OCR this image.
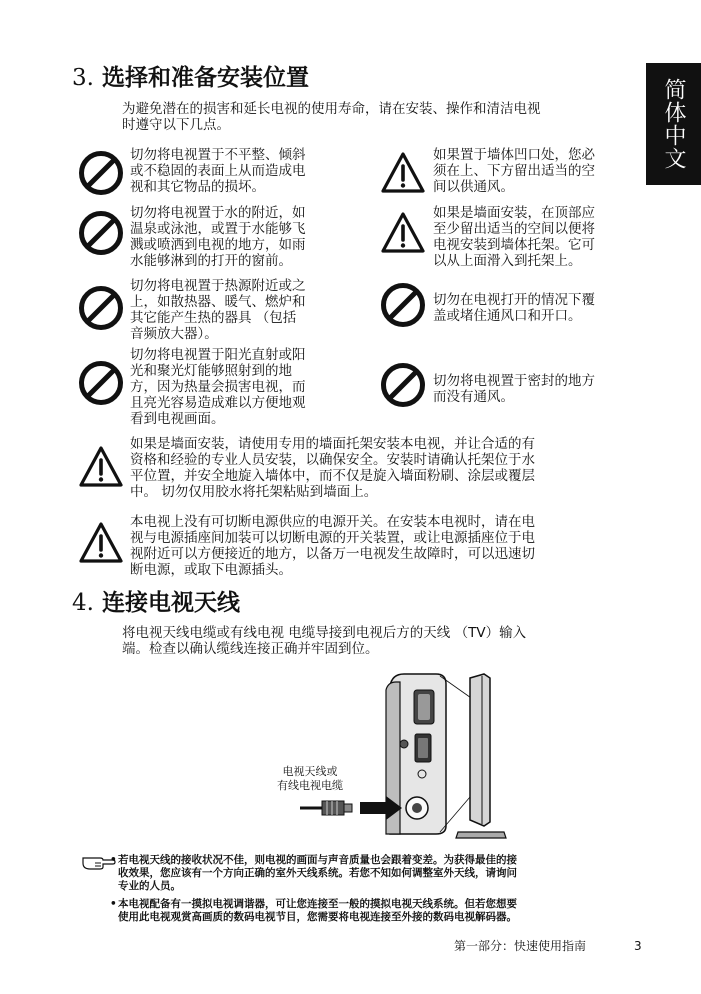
简体中文
3. 选择和准备安装位置
为避免潜在的损害和延长电视的使用寿命，请在安装、操作和清洁电视
时遵守以下几点。
切勿将电视置于不平整、倾斜
或不稳固的表面上从而造成电
视和其它物品的损坏。
切勿将电视置于水的附近，如
温泉或泳池，或置于水能够飞
溅或喷洒到电视的地方，如雨
水能够淋到的打开的窗前。
切勿将电视置于热源附近或之
上，如散热器、暖气、燃炉和
其它能产生热的器具 （包括
音频放大器）。
切勿将电视置于阳光直射或阳
光和聚光灯能够照射到的地
方，因为热量会损害电视，而
且亮光容易造成难以方便地观
看到电视画面。
如果置于墙体凹口处，您必
须在上、下方留出适当的空
间以供通风。
如果是墙面安装，在顶部应
至少留出适当的空间以便将
电视安装到墙体托架。它可
以从上面滑入到托架上。
切勿在电视打开的情况下覆
盖或堵住通风口和开口。
切勿将电视置于密封的地方
而没有通风。
如果是墙面安装，请使用专用的墙面托架安装本电视，并让合适的有
资格和经验的专业人员安装，以确保安全。安装时请确认托架位于水
平位置，并安全地旋入墙体中，而不仅是旋入墙面粉刷、涂层或覆层
中。 切勿仅用胶水将托架粘贴到墙面上。
本电视上没有可切断电源供应的电源开关。在安装本电视时，请在电
视与电源插座间加装可以切断电源的开关装置，或让电源插座位于电
视附近可以方便接近的地方，以备万一电视发生故障时，可以迅速切
断电源，或取下电源插头。
4. 连接电视天线
将电视天线电缆或有线电视 电缆导接到电视后方的天线 （TV）输入
端。检查以确认缆线连接正确并牢固到位。
电视天线或
有线电视电缆
• 若电视天线的接收状况不佳，则电视的画面与声音质量也会跟着变差。为获得最佳的接
收效果，您应该有一个方向正确的室外天线系统。若您不知如何调整室外天线，请询问
专业的人员。
• 本电视配备有一摸拟电视调谐器，可让您连接至一般的摸拟电视天线系统。但若您想要
使用此电视观赏高画质的数码电视节目，您需要将电视连接至外接的数码电视解码器。
第一部分：快速使用指南	3
